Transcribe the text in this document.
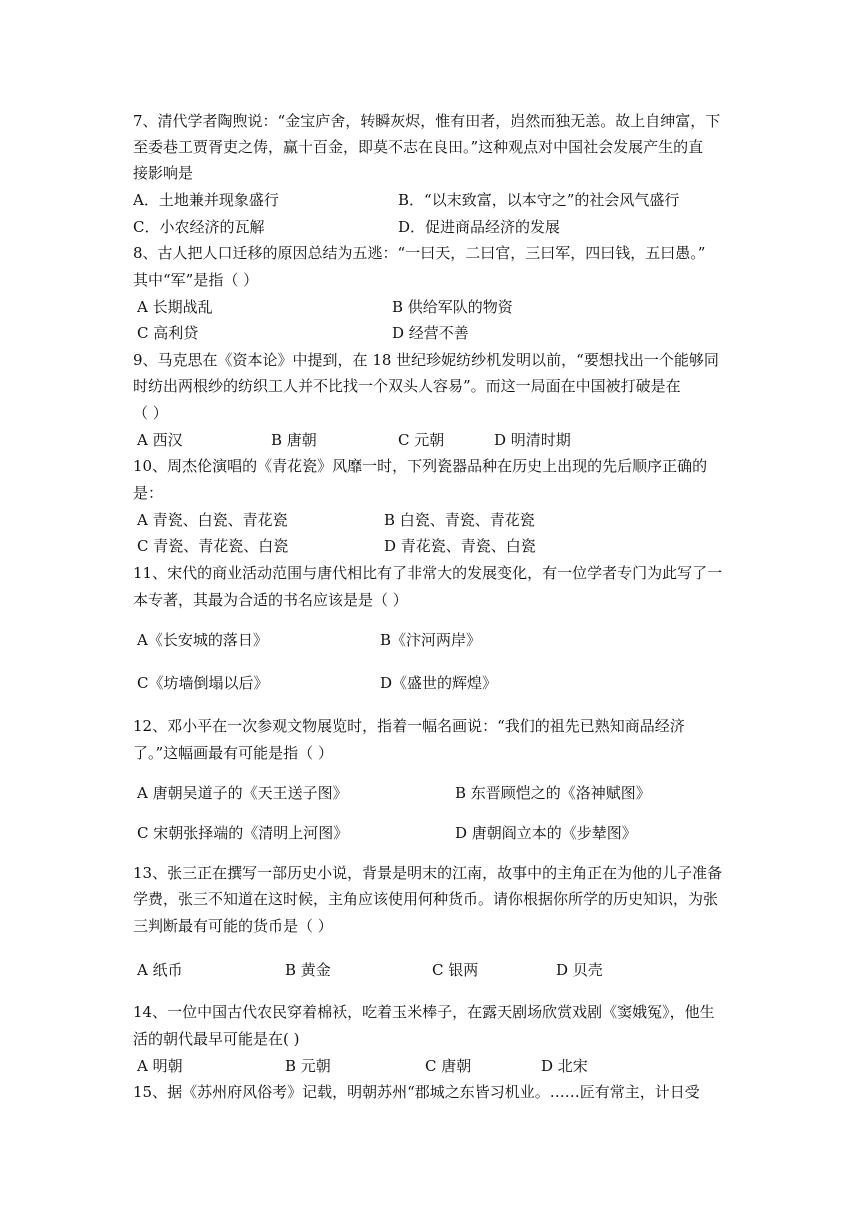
7、清代学者陶煦说：“金宝庐舍，转瞬灰烬，惟有田者，岿然而独无恙。故上自绅富，下
至委巷工贾胥吏之俦，赢十百金，即莫不志在良田。”这种观点对中国社会发展产生的直
接影响是
A．土地兼并现象盛行	B．“以末致富，以本守之”的社会风气盛行
C．小农经济的瓦解	D．促进商品经济的发展
8、古人把人口迁移的原因总结为五逃：“一曰天，二曰官，三曰军，四曰钱，五曰愚。”
其中“军”是指（ ）
A 长期战乱	B 供给军队的物资
C 高利贷	D 经营不善
9、马克思在《资本论》中提到，在 18 世纪珍妮纺纱机发明以前，“要想找出一个能够同
时纺出两根纱的纺织工人并不比找一个双头人容易”。而这一局面在中国被打破是在
（ ）
A 西汉	B 唐朝	C 元朝	D 明清时期
10、周杰伦演唱的《青花瓷》风靡一时，下列瓷器品种在历史上出现的先后顺序正确的
是：
A 青瓷、白瓷、青花瓷	B 白瓷、青瓷、青花瓷
C 青瓷、青花瓷、白瓷	D 青花瓷、青瓷、白瓷
11、宋代的商业活动范围与唐代相比有了非常大的发展变化，有一位学者专门为此写了一
本专著，其最为合适的书名应该是是（ ）
A《长安城的落日》	B《汴河两岸》
C《坊墙倒塌以后》	D《盛世的辉煌》
12、邓小平在一次参观文物展览时，指着一幅名画说：“我们的祖先已熟知商品经济
了。”这幅画最有可能是指（ ）
A 唐朝吴道子的《天王送子图》	B 东晋顾恺之的《洛神赋图》
C 宋朝张择端的《清明上河图》	D 唐朝阎立本的《步辇图》
13、张三正在撰写一部历史小说，背景是明末的江南，故事中的主角正在为他的儿子准备
学费，张三不知道在这时候，主角应该使用何种货币。请你根据你所学的历史知识，为张
三判断最有可能的货币是（ ）
A 纸币	B 黄金	C 银两	D 贝壳
14、一位中国古代农民穿着棉袄，吃着玉米棒子，在露天剧场欣赏戏剧《窦娥冤》，他生
活的朝代最早可能是在( )
A 明朝	B 元朝	C 唐朝	D 北宋
15、据《苏州府风俗考》记载，明朝苏州“郡城之东皆习机业。……匠有常主，计日受
